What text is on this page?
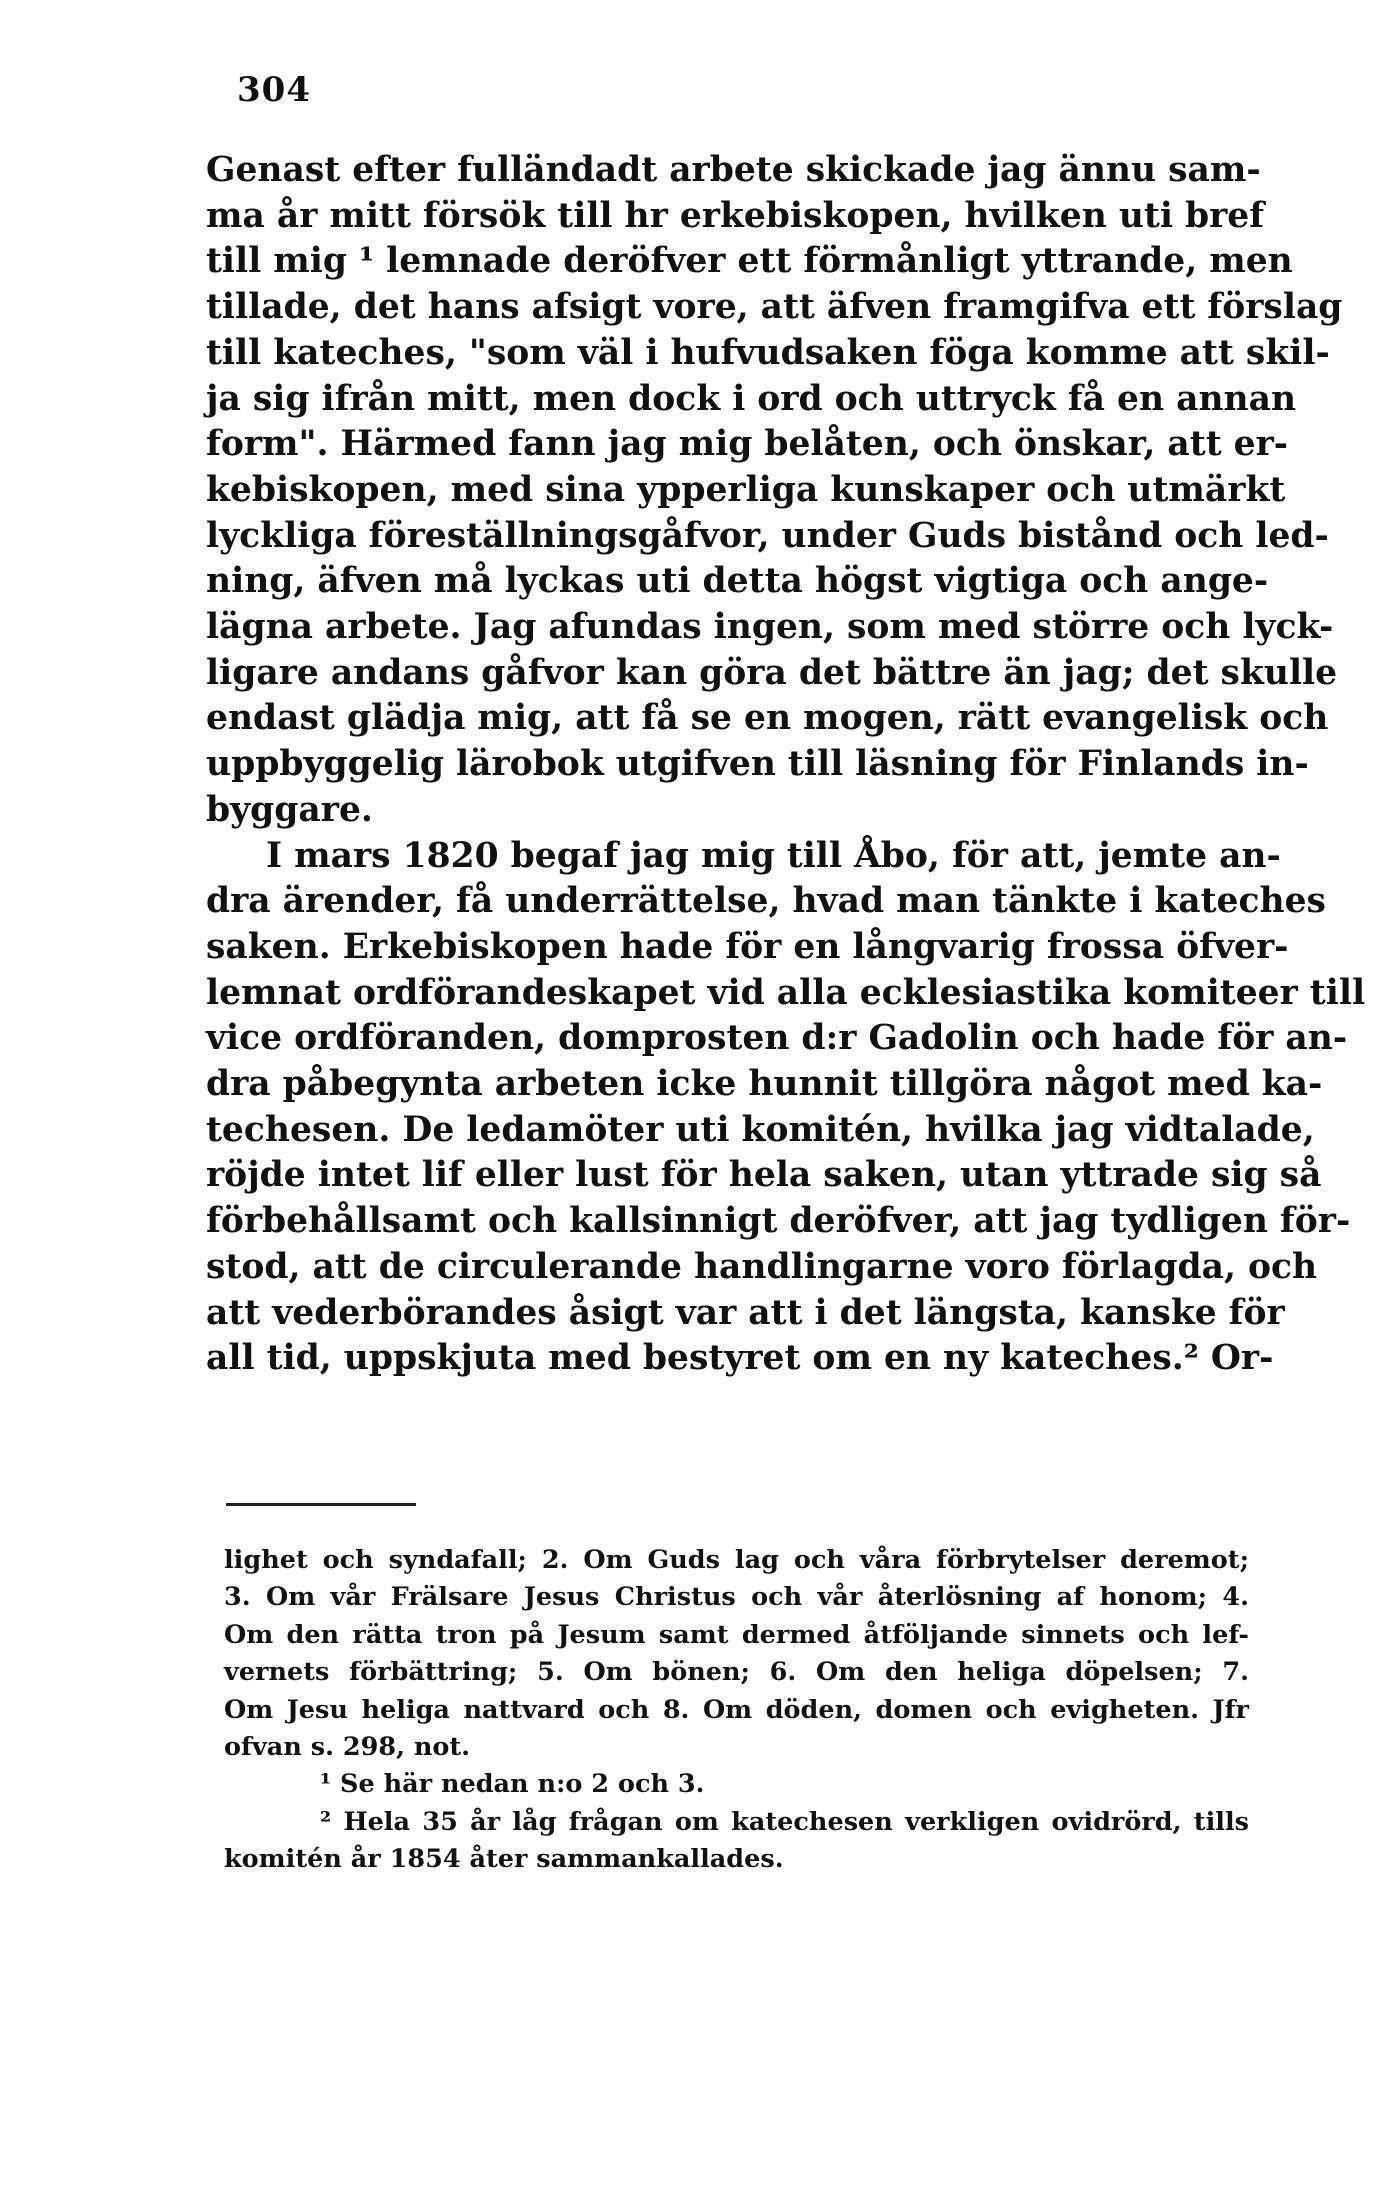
304
Genast efter fulländadt arbete skickade jag ännu sam-
ma år mitt försök till hr erkebiskopen, hvilken uti bref
till mig ¹ lemnade deröfver ett förmånligt yttrande, men
tillade, det hans afsigt vore, att äfven framgifva ett förslag
till kateches, "som väl i hufvudsaken föga komme att skil-
ja sig ifrån mitt, men dock i ord och uttryck få en annan
form". Härmed fann jag mig belåten, och önskar, att er-
kebiskopen, med sina ypperliga kunskaper och utmärkt
lyckliga föreställningsgåfvor, under Guds bistånd och led-
ning, äfven må lyckas uti detta högst vigtiga och ange-
lägna arbete. Jag afundas ingen, som med större och lyck-
ligare andans gåfvor kan göra det bättre än jag; det skulle
endast glädja mig, att få se en mogen, rätt evangelisk och
uppbyggelig lärobok utgifven till läsning för Finlands in-
byggare.
I mars 1820 begaf jag mig till Åbo, för att, jemte an-
dra ärender, få underrättelse, hvad man tänkte i kateches
saken. Erkebiskopen hade för en långvarig frossa öfver-
lemnat ordförandeskapet vid alla ecklesiastika komiteer till
vice ordföranden, domprosten d:r Gadolin och hade för an-
dra påbegynta arbeten icke hunnit tillgöra något med ka-
techesen. De ledamöter uti komitén, hvilka jag vidtalade,
röjde intet lif eller lust för hela saken, utan yttrade sig så
förbehållsamt och kallsinnigt deröfver, att jag tydligen för-
stod, att de circulerande handlingarne voro förlagda, och
att vederbörandes åsigt var att i det längsta, kanske för
all tid, uppskjuta med bestyret om en ny kateches.² Or-
lighet och syndafall; 2. Om Guds lag och våra förbrytelser deremot;
3. Om vår Frälsare Jesus Christus och vår återlösning af honom; 4.
Om den rätta tron på Jesum samt dermed åtföljande sinnets och lef-
vernets förbättring; 5. Om bönen; 6. Om den heliga döpelsen; 7.
Om Jesu heliga nattvard och 8. Om döden, domen och evigheten. Jfr
ofvan s. 298, not.
¹ Se här nedan n:o 2 och 3.
² Hela 35 år låg frågan om katechesen verkligen ovidrörd, tills
komitén år 1854 åter sammankallades.
